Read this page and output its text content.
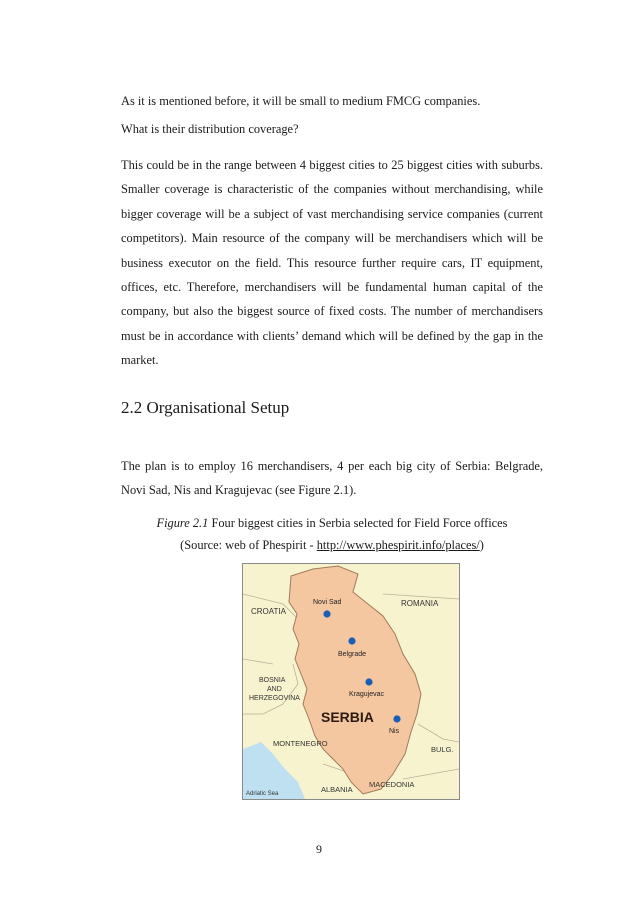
As it is mentioned before, it will be small to medium FMCG companies.

What is their distribution coverage?

This could be in the range between 4 biggest cities to 25 biggest cities with suburbs. Smaller coverage is characteristic of the companies without merchandising, while bigger coverage will be a subject of vast merchandising service companies (current competitors). Main resource of the company will be merchandisers which will be business executor on the field. This resource further require cars, IT equipment, offices, etc. Therefore, merchandisers will be fundamental human capital of the company, but also the biggest source of fixed costs. The number of merchandisers must be in accordance with clients’ demand which will be defined by the gap in the market.

2.2 Organisational Setup

The plan is to employ 16 merchandisers, 4 per each big city of Serbia: Belgrade, Novi Sad, Nis and Kragujevac (see Figure 2.1).

Figure 2.1 Four biggest cities in Serbia selected for Field Force offices
(Source: web of Phespirit - http://www.phespirit.info/places/)

CROATIA
ROMANIA
BOSNIA
AND
HERZEGOVINA
MONTENEGRO
ALBANIA
MACEDONIA
BULG.
Adriatic Sea
SERBIA
Novi Sad
Belgrade
Kragujevac
Nis

9
